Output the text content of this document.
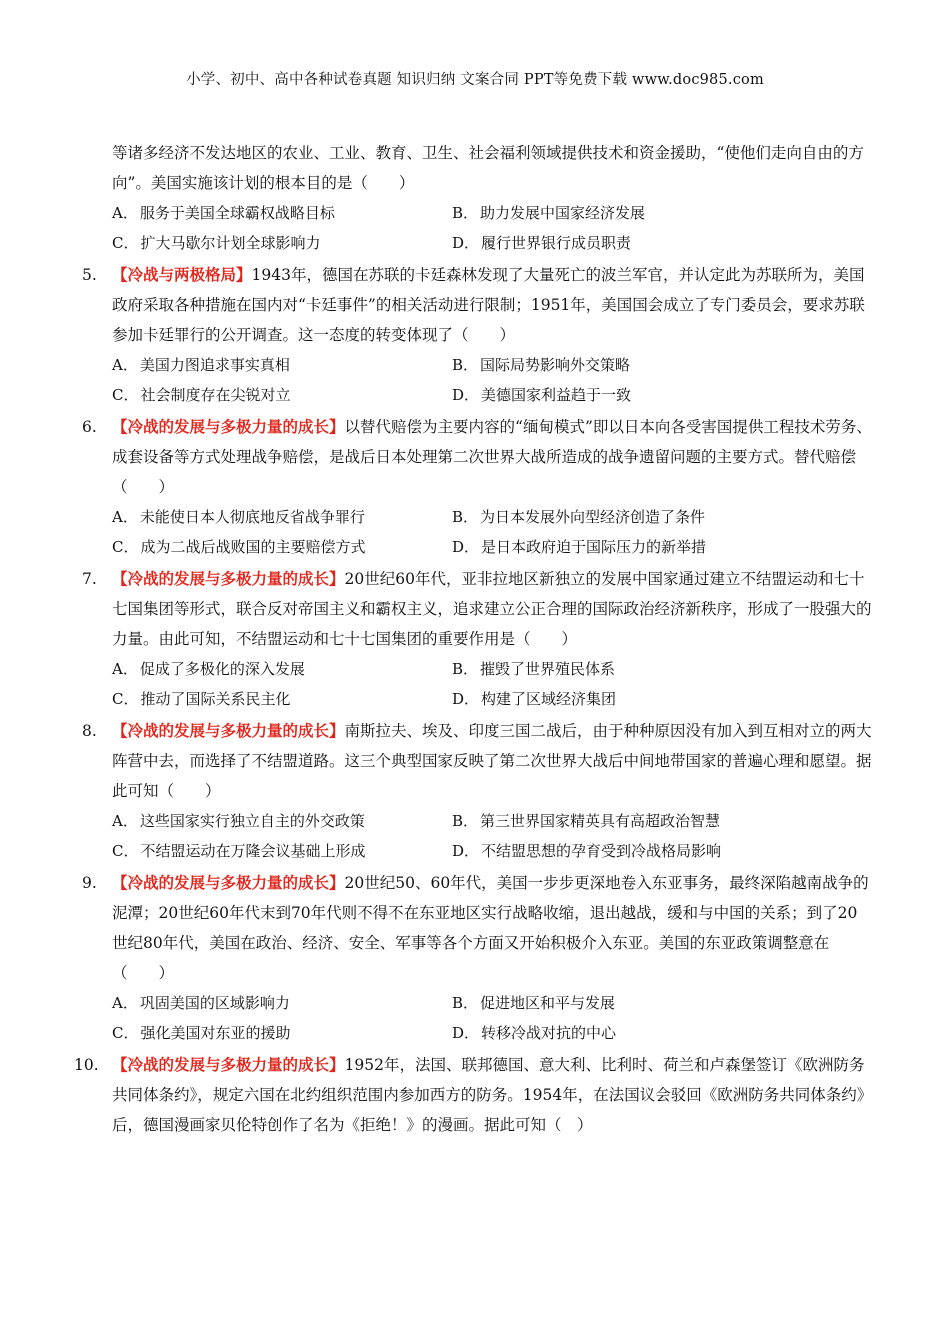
小学、初中、高中各种试卷真题 知识归纳 文案合同 PPT等免费下载 www.doc985.com
等诸多经济不发达地区的农业、工业、教育、卫生、社会福利领域提供技术和资金援助，“使他们走向自由的方向”。美国实施该计划的根本目的是（　　）
A． 服务于美国全球霸权战略目标	B． 助力发展中国家经济发展
C． 扩大马歇尔计划全球影响力	D． 履行世界银行成员职责
5. 【冷战与两极格局】1943年，德国在苏联的卡廷森林发现了大量死亡的波兰军官，并认定此为苏联所为，美国政府采取各种措施在国内对“卡廷事件”的相关活动进行限制；1951年，美国国会成立了专门委员会，要求苏联参加卡廷罪行的公开调查。这一态度的转变体现了（　　）
A． 美国力图追求事实真相	B． 国际局势影响外交策略
C． 社会制度存在尖锐对立	D． 美德国家利益趋于一致
6. 【冷战的发展与多极力量的成长】以替代赔偿为主要内容的“缅甸模式”即以日本向各受害国提供工程技术劳务、成套设备等方式处理战争赔偿，是战后日本处理第二次世界大战所造成的战争遗留问题的主要方式。替代赔偿（　　）
A． 未能使日本人彻底地反省战争罪行	B． 为日本发展外向型经济创造了条件
C． 成为二战后战败国的主要赔偿方式	D． 是日本政府迫于国际压力的新举措
7. 【冷战的发展与多极力量的成长】20世纪60年代，亚非拉地区新独立的发展中国家通过建立不结盟运动和七十七国集团等形式，联合反对帝国主义和霸权主义，追求建立公正合理的国际政治经济新秩序，形成了一股强大的力量。由此可知，不结盟运动和七十七国集团的重要作用是（　　）
A． 促成了多极化的深入发展	B． 摧毁了世界殖民体系
C． 推动了国际关系民主化	D． 构建了区域经济集团
8. 【冷战的发展与多极力量的成长】南斯拉夫、埃及、印度三国二战后，由于种种原因没有加入到互相对立的两大阵营中去，而选择了不结盟道路。这三个典型国家反映了第二次世界大战后中间地带国家的普遍心理和愿望。据此可知（　　）
A． 这些国家实行独立自主的外交政策	B． 第三世界国家精英具有高超政治智慧
C． 不结盟运动在万隆会议基础上形成	D． 不结盟思想的孕育受到冷战格局影响
9. 【冷战的发展与多极力量的成长】20世纪50、60年代，美国一步步更深地卷入东亚事务，最终深陷越南战争的泥潭；20世纪60年代末到70年代则不得不在东亚地区实行战略收缩，退出越战，缓和与中国的关系；到了20世纪80年代，美国在政治、经济、安全、军事等各个方面又开始积极介入东亚。美国的东亚政策调整意在（　　）
A． 巩固美国的区域影响力	B． 促进地区和平与发展
C． 强化美国对东亚的援助	D． 转移冷战对抗的中心
10. 【冷战的发展与多极力量的成长】1952年，法国、联邦德国、意大利、比利时、荷兰和卢森堡签订《欧洲防务共同体条约》，规定六国在北约组织范围内参加西方的防务。1954年，在法国议会驳回《欧洲防务共同体条约》后，德国漫画家贝伦特创作了名为《拒绝！》的漫画。据此可知（　）
